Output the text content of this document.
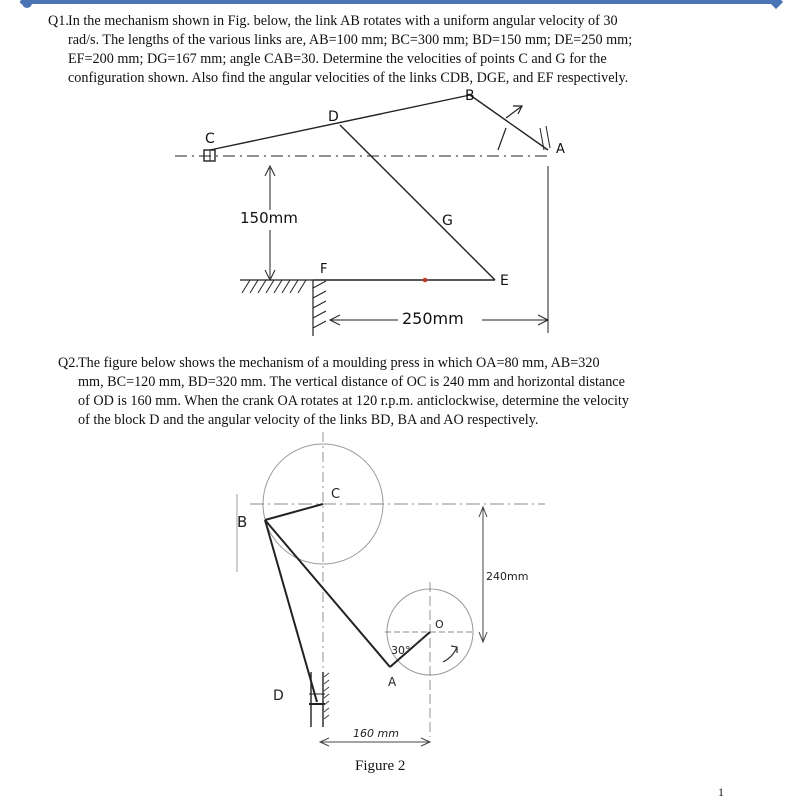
Q1. In the mechanism shown in Fig. below, the link AB rotates with a uniform angular velocity of 30
rad/s. The lengths of the various links are, AB=100 mm; BC=300 mm; BD=150 mm; DE=250 mm;
EF=200 mm; DG=167 mm; angle CAB=30. Determine the velocities of points C and G for the
configuration shown. Also find the angular velocities of the links CDB, DGE, and EF respectively.
B
C
D
A
G
E
F
150mm
250mm
Q2. The figure below shows the mechanism of a moulding press in which OA=80 mm, AB=320
mm, BC=120 mm, BD=320 mm. The vertical distance of OC is 240 mm and horizontal distance
of OD is 160 mm. When the crank OA rotates at 120 r.p.m. anticlockwise, determine the velocity
of the block D and the angular velocity of the links BD, BA and AO respectively.
B
C
O
A
D
30°
240mm
160 mm
Figure 2
1
